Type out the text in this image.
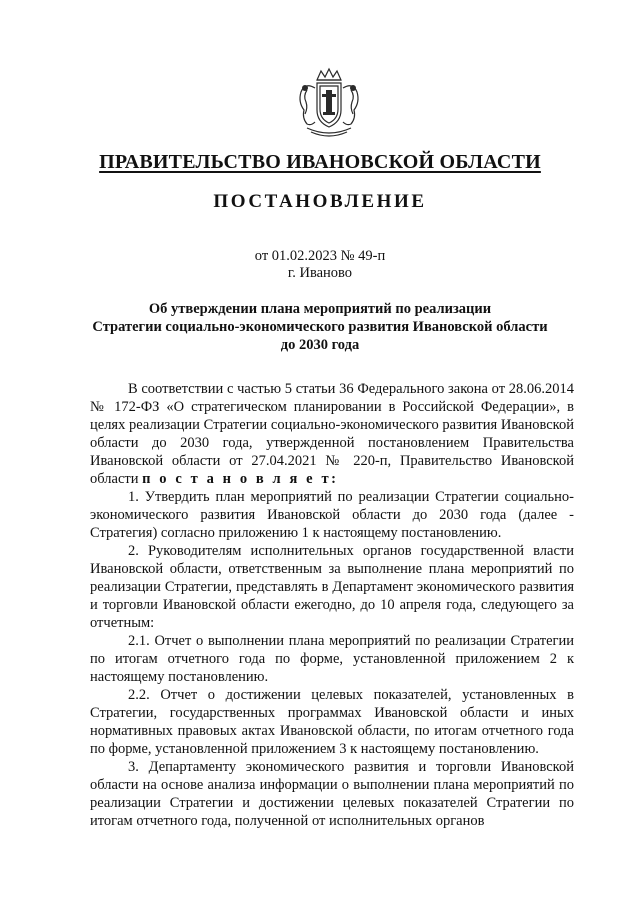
ПРАВИТЕЛЬСТВО ИВАНОВСКОЙ ОБЛАСТИ
ПОСТАНОВЛЕНИЕ
от 01.02.2023 № 49-п
г. Иваново
Об утверждении плана мероприятий по реализации
Стратегии социально-экономического развития Ивановской области
до 2030 года

В соответствии с частью 5 статьи 36 Федерального закона от 28.06.2014 № 172-ФЗ «О стратегическом планировании в Российской Федерации», в целях реализации Стратегии социально-экономического развития Ивановской области до 2030 года, утвержденной постановлением Правительства Ивановской области от 27.04.2021 № 220-п, Правительство Ивановской области п о с т а н о в л я е т:

1. Утвердить план мероприятий по реализации Стратегии социально-экономического развития Ивановской области до 2030 года (далее - Стратегия) согласно приложению 1 к настоящему постановлению.

2. Руководителям исполнительных органов государственной власти Ивановской области, ответственным за выполнение плана мероприятий по реализации Стратегии, представлять в Департамент экономического развития и торговли Ивановской области ежегодно, до 10 апреля года, следующего за отчетным:

2.1. Отчет о выполнении плана мероприятий по реализации Стратегии по итогам отчетного года по форме, установленной приложением 2 к настоящему постановлению.

2.2. Отчет о достижении целевых показателей, установленных в Стратегии, государственных программах Ивановской области и иных нормативных правовых актах Ивановской области, по итогам отчетного года по форме, установленной приложением 3 к настоящему постановлению.

3. Департаменту экономического развития и торговли Ивановской области на основе анализа информации о выполнении плана мероприятий по реализации Стратегии и достижении целевых показателей Стратегии по итогам отчетного года, полученной от исполнительных органов
